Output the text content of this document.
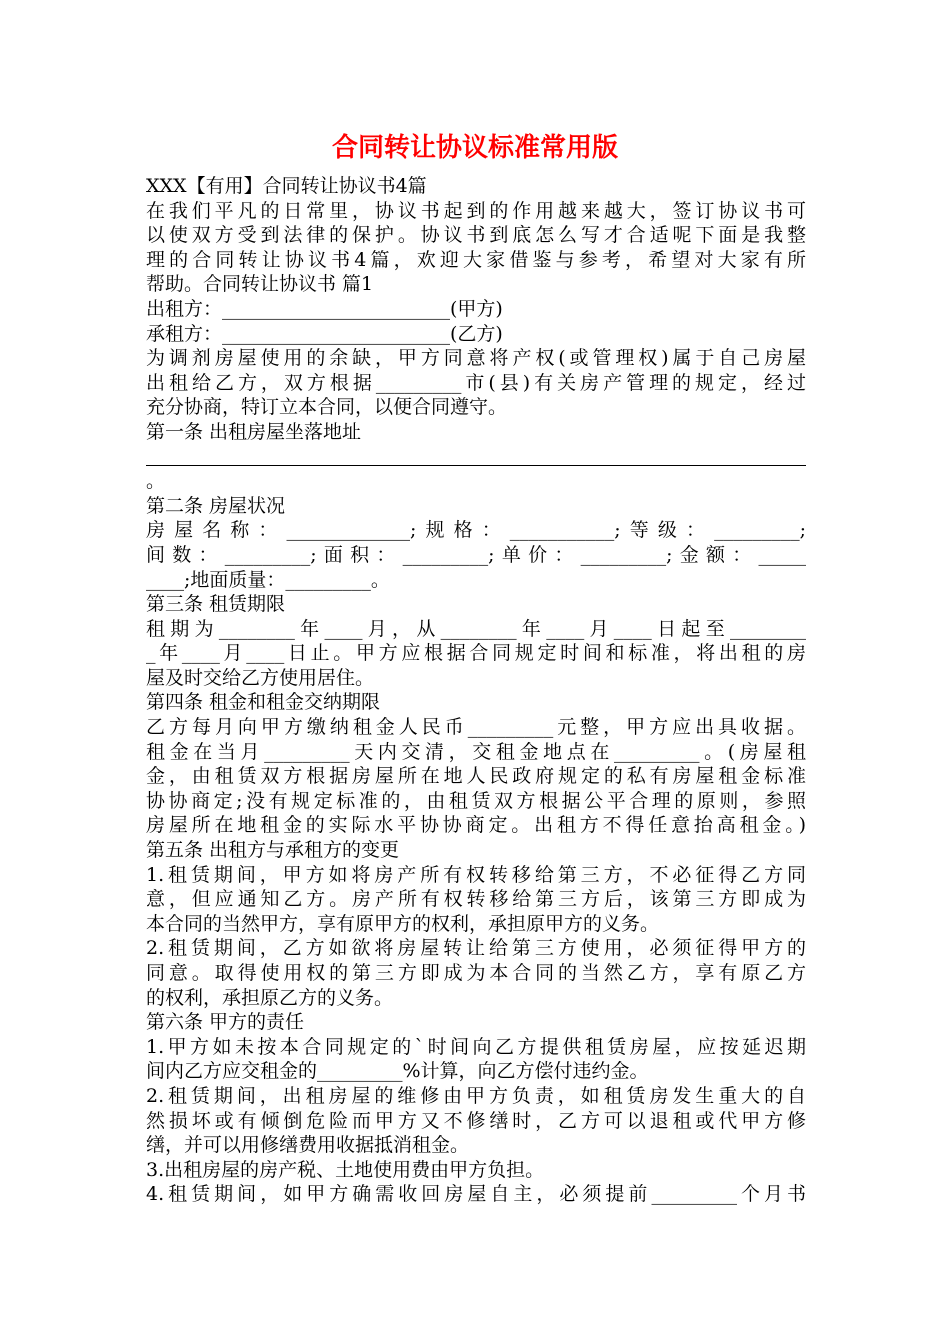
合同转让协议标准常用版
XXX【有用】合同转让协议书4篇
在我们平凡的日常里，协议书起到的作用越来越大，签订协议书可
以使双方受到法律的保护。协议书到底怎么写才合适呢下面是我整
理的合同转让协议书4篇，欢迎大家借鉴与参考，希望对大家有所
帮助。合同转让协议书 篇1
出租方：________________________(甲方)
承租方：________________________(乙方)
为调剂房屋使用的余缺，甲方同意将产权(或管理权)属于自己房屋
出租给乙方，双方根据_________市(县)有关房产管理的规定，经过
充分协商，特订立本合同，以便合同遵守。
第一条 出租房屋坐落地址
。
第二条 房屋状况
房屋名称：_____________;规格：___________;等级：_________;
间数：_________;面积：_________;单价：_________;金额：_____
____;地面质量：_________。
第三条 租赁期限
租期为________年____月，从________年____月____日起至________
_年____月____日止。甲方应根据合同规定时间和标准，将出租的房
屋及时交给乙方使用居住。
第四条 租金和租金交纳期限
乙方每月向甲方缴纳租金人民币_________元整，甲方应出具收据。
租金在当月_________天内交清，交租金地点在_________。(房屋租
金，由租赁双方根据房屋所在地人民政府规定的私有房屋租金标准
协协商定;没有规定标准的，由租赁双方根据公平合理的原则，参照
房屋所在地租金的实际水平协协商定。出租方不得任意抬高租金。)
第五条 出租方与承租方的变更
1.租赁期间，甲方如将房产所有权转移给第三方，不必征得乙方同
意，但应通知乙方。房产所有权转移给第三方后，该第三方即成为
本合同的当然甲方，享有原甲方的权利，承担原甲方的义务。
2.租赁期间，乙方如欲将房屋转让给第三方使用，必须征得甲方的
同意。取得使用权的第三方即成为本合同的当然乙方，享有原乙方
的权利，承担原乙方的义务。
第六条 甲方的责任
1.甲方如未按本合同规定的`时间向乙方提供租赁房屋，应按延迟期
间内乙方应交租金的_________%计算，向乙方偿付违约金。
2.租赁期间，出租房屋的维修由甲方负责，如租赁房发生重大的自
然损坏或有倾倒危险而甲方又不修缮时，乙方可以退租或代甲方修
缮，并可以用修缮费用收据抵消租金。
3.出租房屋的房产税、土地使用费由甲方负担。
4.租赁期间，如甲方确需收回房屋自主，必须提前_________个月书
